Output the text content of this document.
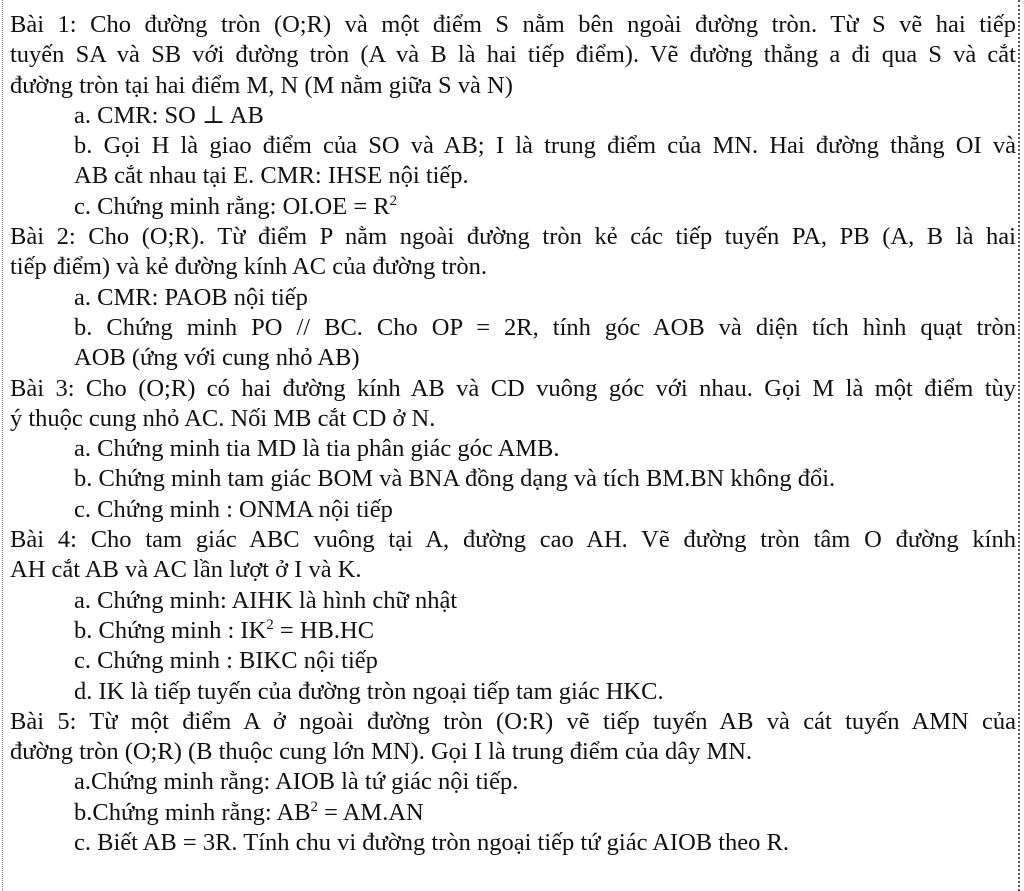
Bài 1: Cho đường tròn (O;R) và một điểm S nằm bên ngoài đường tròn. Từ S vẽ hai tiếp
tuyến SA và SB với đường tròn (A và B là hai tiếp điểm). Vẽ đường thẳng a đi qua S và cắt
đường tròn tại hai điểm M, N (M nằm giữa S và N)
a. CMR: SO ⊥ AB
b. Gọi H là giao điểm của SO và AB; I là trung điểm của MN. Hai đường thẳng OI và
AB cắt nhau tại E. CMR: IHSE nội tiếp.
c. Chứng minh rằng: $OI.OE = R^2$
Bài 2: Cho (O;R). Từ điểm P nằm ngoài đường tròn kẻ các tiếp tuyến PA, PB (A, B là hai
tiếp điểm) và kẻ đường kính AC của đường tròn.
a. CMR: PAOB nội tiếp
b. Chứng minh PO // BC. Cho OP = 2R, tính góc AOB và diện tích hình quạt tròn
AOB (ứng với cung nhỏ AB)
Bài 3: Cho (O;R) có hai đường kính AB và CD vuông góc với nhau. Gọi M là một điểm tùy
ý thuộc cung nhỏ AC. Nối MB cắt CD ở N.
a. Chứng minh tia MD là tia phân giác góc AMB.
b. Chứng minh tam giác BOM và BNA đồng dạng và tích BM.BN không đổi.
c. Chứng minh : ONMA nội tiếp
Bài 4: Cho tam giác ABC vuông tại A, đường cao AH. Vẽ đường tròn tâm O đường kính
AH cắt AB và AC lần lượt ở I và K.
a. Chứng minh: AIHK là hình chữ nhật
b. Chứng minh : $IK^2 = HB.HC$
c. Chứng minh : BIKC nội tiếp
d. IK là tiếp tuyến của đường tròn ngoại tiếp tam giác HKC.
Bài 5: Từ một điểm A ở ngoài đường tròn (O:R) vẽ tiếp tuyến AB và cát tuyến AMN của
đường tròn (O;R) (B thuộc cung lớn MN). Gọi I là trung điểm của dây MN.
a.Chứng minh rằng: AIOB là tứ giác nội tiếp.
b.Chứng minh rằng: $AB^2 = AM.AN$
c. Biết AB = 3R. Tính chu vi đường tròn ngoại tiếp tứ giác AIOB theo R.
